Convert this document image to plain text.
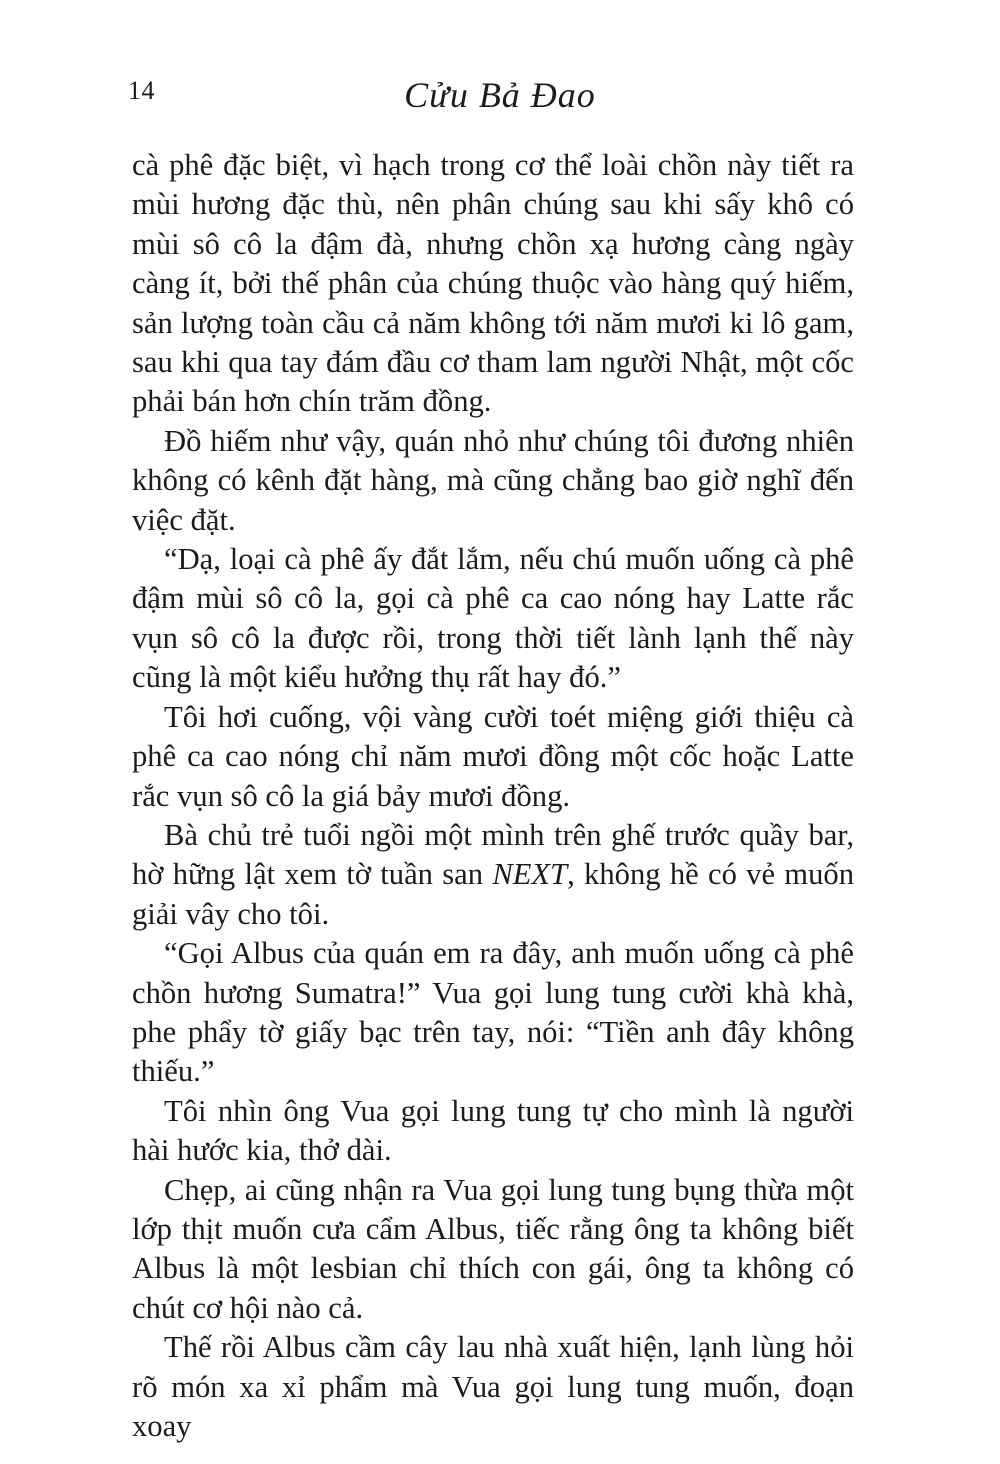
14	Cửu Bả Đao

cà phê đặc biệt, vì hạch trong cơ thể loài chồn này tiết ra mùi hương đặc thù, nên phân chúng sau khi sấy khô có mùi sô cô la đậm đà, nhưng chồn xạ hương càng ngày càng ít, bởi thế phân của chúng thuộc vào hàng quý hiếm, sản lượng toàn cầu cả năm không tới năm mươi ki lô gam, sau khi qua tay đám đầu cơ tham lam người Nhật, một cốc phải bán hơn chín trăm đồng.

Đồ hiếm như vậy, quán nhỏ như chúng tôi đương nhiên không có kênh đặt hàng, mà cũng chẳng bao giờ nghĩ đến việc đặt.

“Dạ, loại cà phê ấy đắt lắm, nếu chú muốn uống cà phê đậm mùi sô cô la, gọi cà phê ca cao nóng hay Latte rắc vụn sô cô la được rồi, trong thời tiết lành lạnh thế này cũng là một kiểu hưởng thụ rất hay đó.”

Tôi hơi cuống, vội vàng cười toét miệng giới thiệu cà phê ca cao nóng chỉ năm mươi đồng một cốc hoặc Latte rắc vụn sô cô la giá bảy mươi đồng.

Bà chủ trẻ tuổi ngồi một mình trên ghế trước quầy bar, hờ hững lật xem tờ tuần san NEXT, không hề có vẻ muốn giải vây cho tôi.

“Gọi Albus của quán em ra đây, anh muốn uống cà phê chồn hương Sumatra!” Vua gọi lung tung cười khà khà, phe phẩy tờ giấy bạc trên tay, nói: “Tiền anh đây không thiếu.”

Tôi nhìn ông Vua gọi lung tung tự cho mình là người hài hước kia, thở dài.

Chẹp, ai cũng nhận ra Vua gọi lung tung bụng thừa một lớp thịt muốn cưa cẩm Albus, tiếc rằng ông ta không biết Albus là một lesbian chỉ thích con gái, ông ta không có chút cơ hội nào cả.

Thế rồi Albus cầm cây lau nhà xuất hiện, lạnh lùng hỏi rõ món xa xỉ phẩm mà Vua gọi lung tung muốn, đoạn xoay
